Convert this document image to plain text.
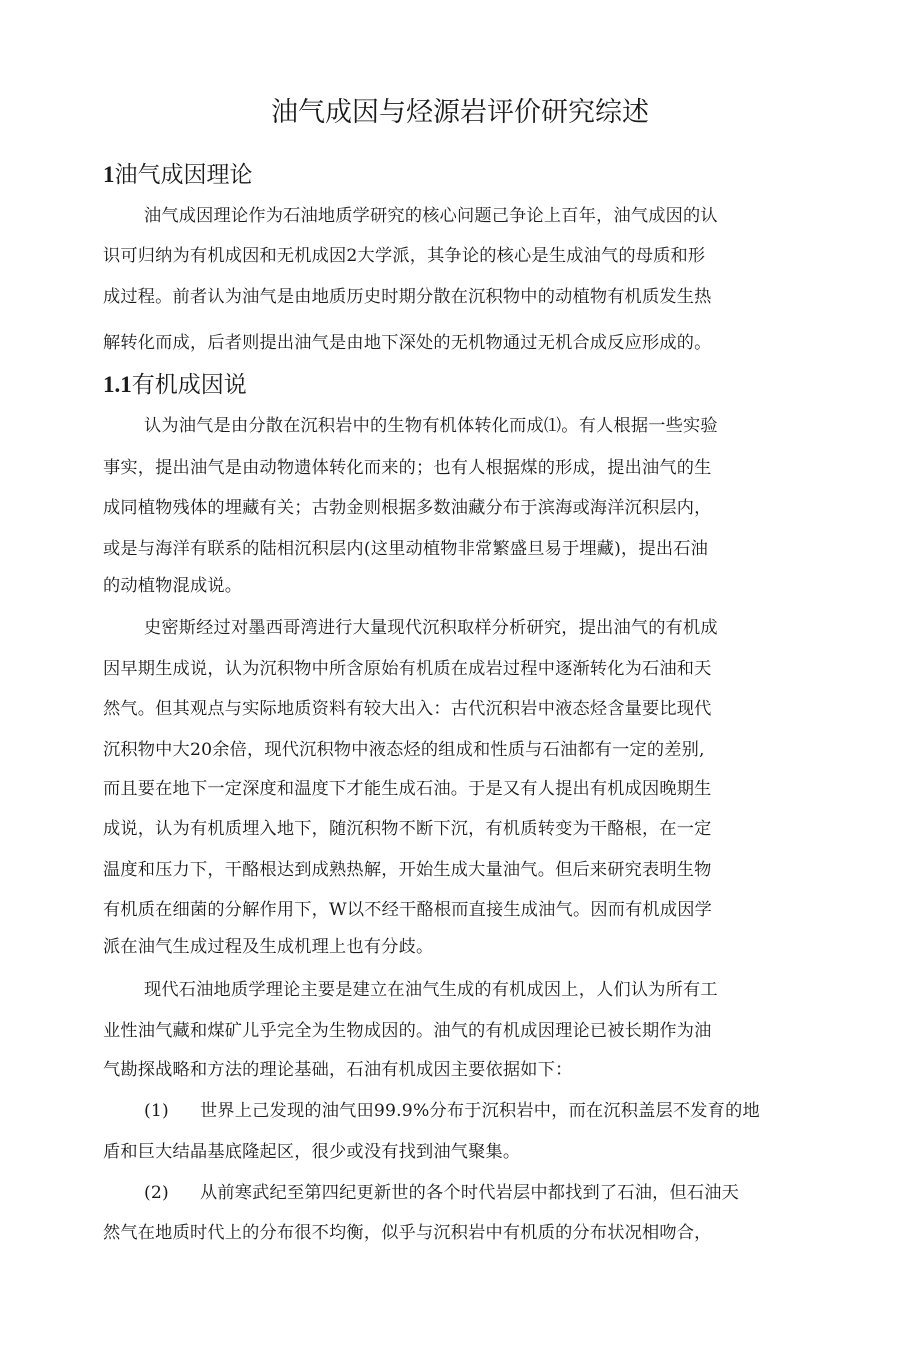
油气成因与烃源岩评价研究综述
1油气成因理论
油气成因理论作为石油地质学研究的核心问题己争论上百年，油气成因的认
识可归纳为有机成因和无机成因2大学派，其争论的核心是生成油气的母质和形
成过程。前者认为油气是由地质历史时期分散在沉积物中的动植物有机质发生热
解转化而成，后者则提出油气是由地下深处的无机物通过无机合成反应形成的。
1.1有机成因说
认为油气是由分散在沉积岩中的生物有机体转化而成⑴。有人根据一些实验
事实，提出油气是由动物遗体转化而来的；也有人根据煤的形成，提出油气的生
成同植物残体的埋藏有关；古勃金则根据多数油藏分布于滨海或海洋沉积层内，
或是与海洋有联系的陆相沉积层内(这里动植物非常繁盛旦易于埋藏)，提出石油
的动植物混成说。
史密斯经过对墨西哥湾进行大量现代沉积取样分析研究，提出油气的有机成
因早期生成说，认为沉积物中所含原始有机质在成岩过程中逐渐转化为石油和天
然气。但其观点与实际地质资料有较大出入：古代沉积岩中液态烃含量要比现代
沉积物中大20余倍，现代沉积物中液态烃的组成和性质与石油都有一定的差别,
而且要在地下一定深度和温度下才能生成石油。于是又有人提出有机成因晚期生
成说，认为有机质埋入地下，随沉积物不断下沉，有机质转变为干酪根，在一定
温度和压力下，干酪根达到成熟热解，开始生成大量油气。但后来研究表明生物
有机质在细菌的分解作用下，W以不经干酪根而直接生成油气。因而有机成因学
派在油气生成过程及生成机理上也有分歧。
现代石油地质学理论主要是建立在油气生成的有机成因上，人们认为所有工
业性油气藏和煤矿儿乎完全为生物成因的。油气的有机成因理论已被长期作为油
气勘探战略和方法的理论基础，石油有机成因主要依据如下：
(1) 世界上己发现的油气田99.9%分布于沉积岩中，而在沉积盖层不发育的地
盾和巨大结晶基底隆起区，很少或没有找到油气聚集。
(2) 从前寒武纪至第四纪更新世的各个时代岩层中都找到了石油，但石油天
然气在地质时代上的分布很不均衡，似乎与沉积岩中有机质的分布状况相吻合，
